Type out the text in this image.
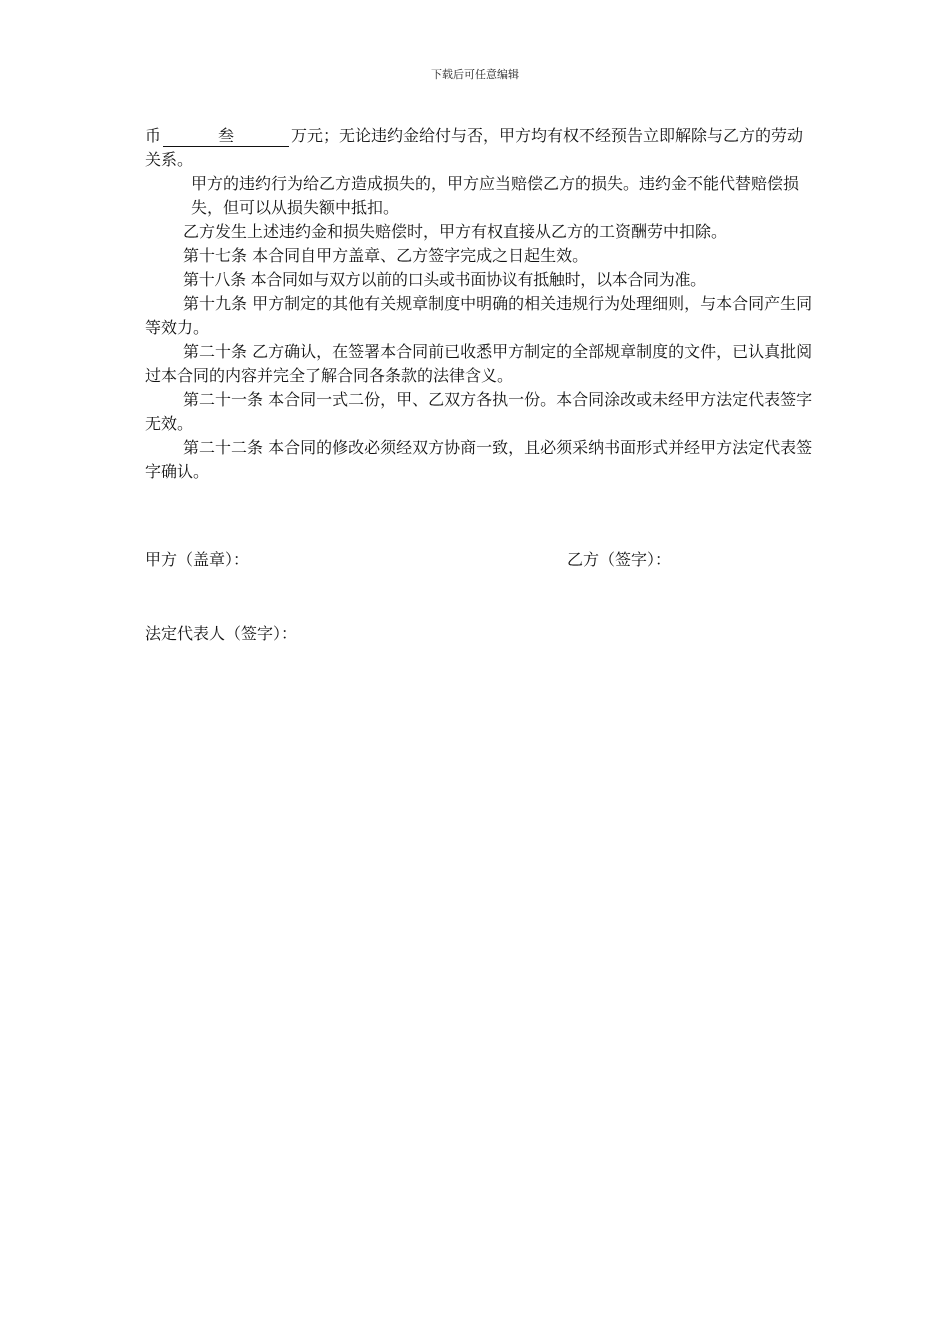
下载后可任意编辑

币	叁	万元；无论违约金给付与否，甲方均有权不经预告立即解除与乙方的劳动关系。

甲方的违约行为给乙方造成损失的，甲方应当赔偿乙方的损失。违约金不能代替赔偿损失，但可以从损失额中抵扣。

乙方发生上述违约金和损失赔偿时，甲方有权直接从乙方的工资酬劳中扣除。

第十七条 本合同自甲方盖章、乙方签字完成之日起生效。

第十八条 本合同如与双方以前的口头或书面协议有抵触时，以本合同为准。

第十九条 甲方制定的其他有关规章制度中明确的相关违规行为处理细则，与本合同产生同等效力。

第二十条 乙方确认，在签署本合同前已收悉甲方制定的全部规章制度的文件，已认真批阅过本合同的内容并完全了解合同各条款的法律含义。

第二十一条 本合同一式二份，甲、乙双方各执一份。本合同涂改或未经甲方法定代表签字无效。

第二十二条 本合同的修改必须经双方协商一致，且必须采纳书面形式并经甲方法定代表签字确认。

甲方（盖章）：	乙方（签字）：
法定代表人（签字）：
